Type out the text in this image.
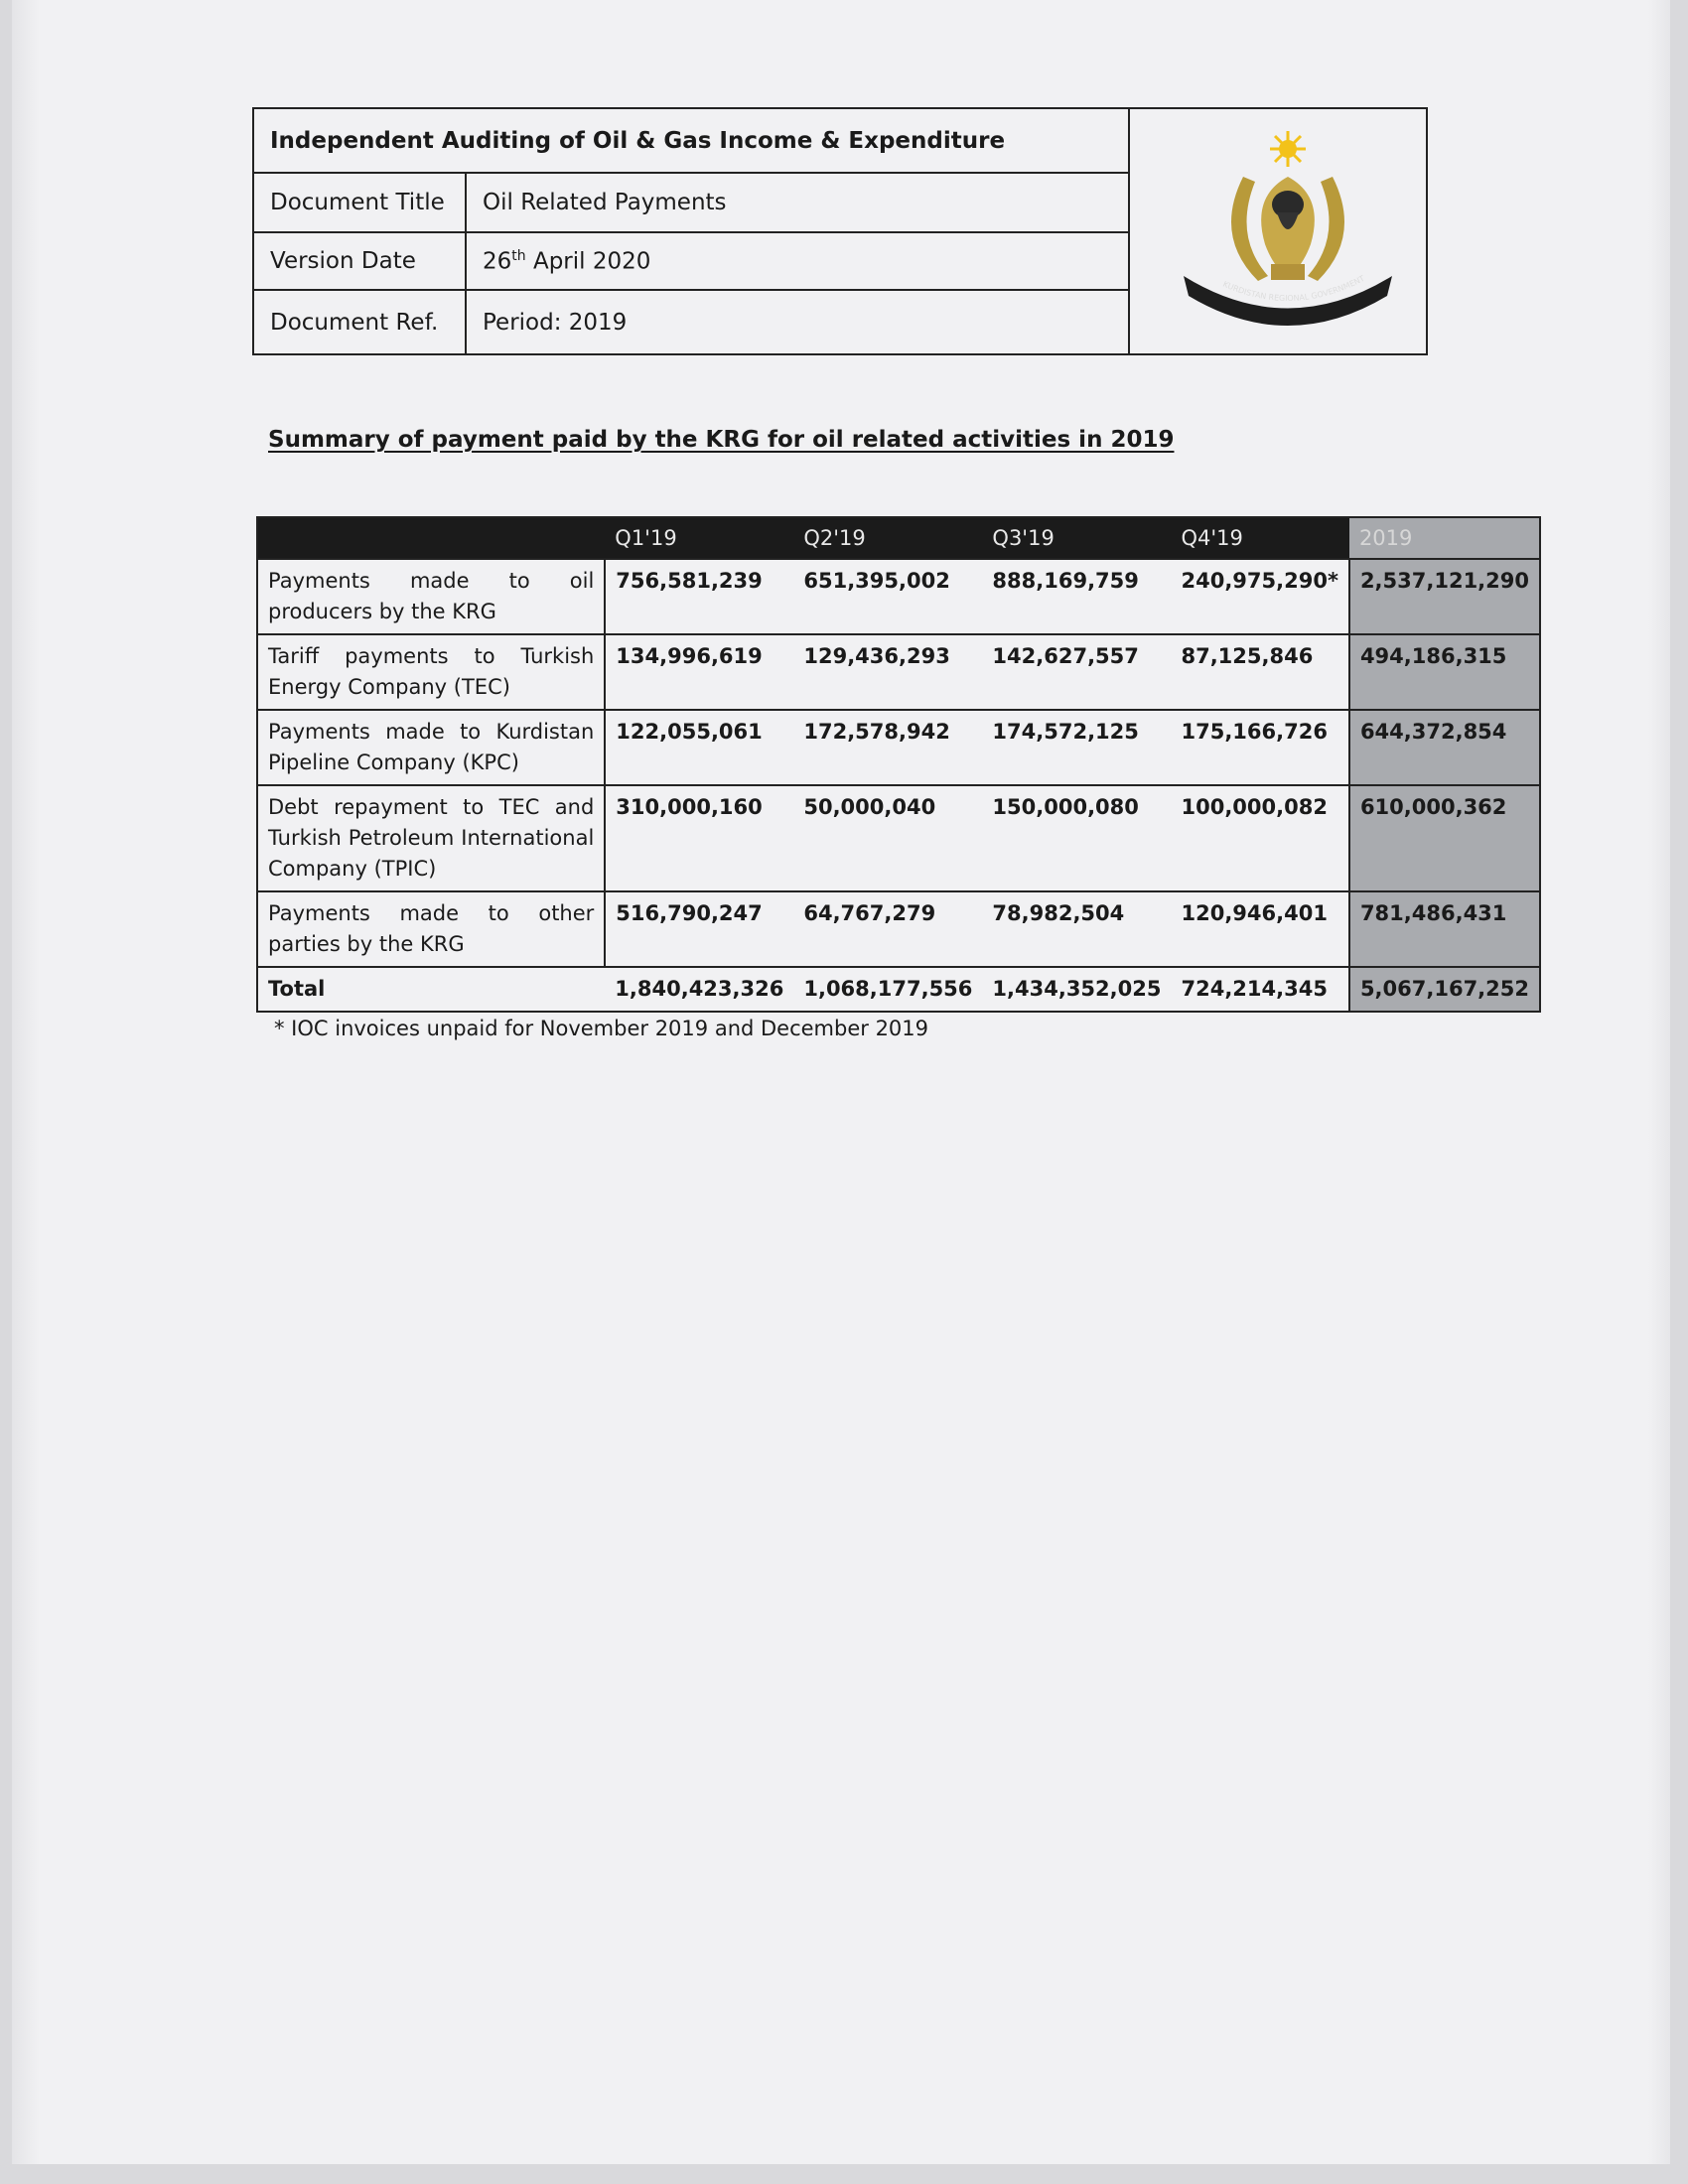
Independent Auditing of Oil & Gas Income & Expenditure	
Document Title	Oil Related Payments
Version Date	26th April 2020
Document Ref.	Period: 2019
KURDISTAN REGIONAL GOVERNMENT
Summary of payment paid by the KRG for oil related activities in 2019
	Q1'19	Q2'19	Q3'19	Q4'19	2019
Payments made to oil producers by the KRG	756,581,239	651,395,002	888,169,759	240,975,290*	2,537,121,290
Tariff payments to Turkish Energy Company (TEC)	134,996,619	129,436,293	142,627,557	87,125,846	494,186,315
Payments made to Kurdistan Pipeline Company (KPC)	122,055,061	172,578,942	174,572,125	175,166,726	644,372,854
Debt repayment to TEC and Turkish Petroleum International Company (TPIC)	310,000,160	50,000,040	150,000,080	100,000,082	610,000,362
Payments made to other parties by the KRG	516,790,247	64,767,279	78,982,504	120,946,401	781,486,431
Total	1,840,423,326	1,068,177,556	1,434,352,025	724,214,345	5,067,167,252
* IOC invoices unpaid for November 2019 and December 2019
